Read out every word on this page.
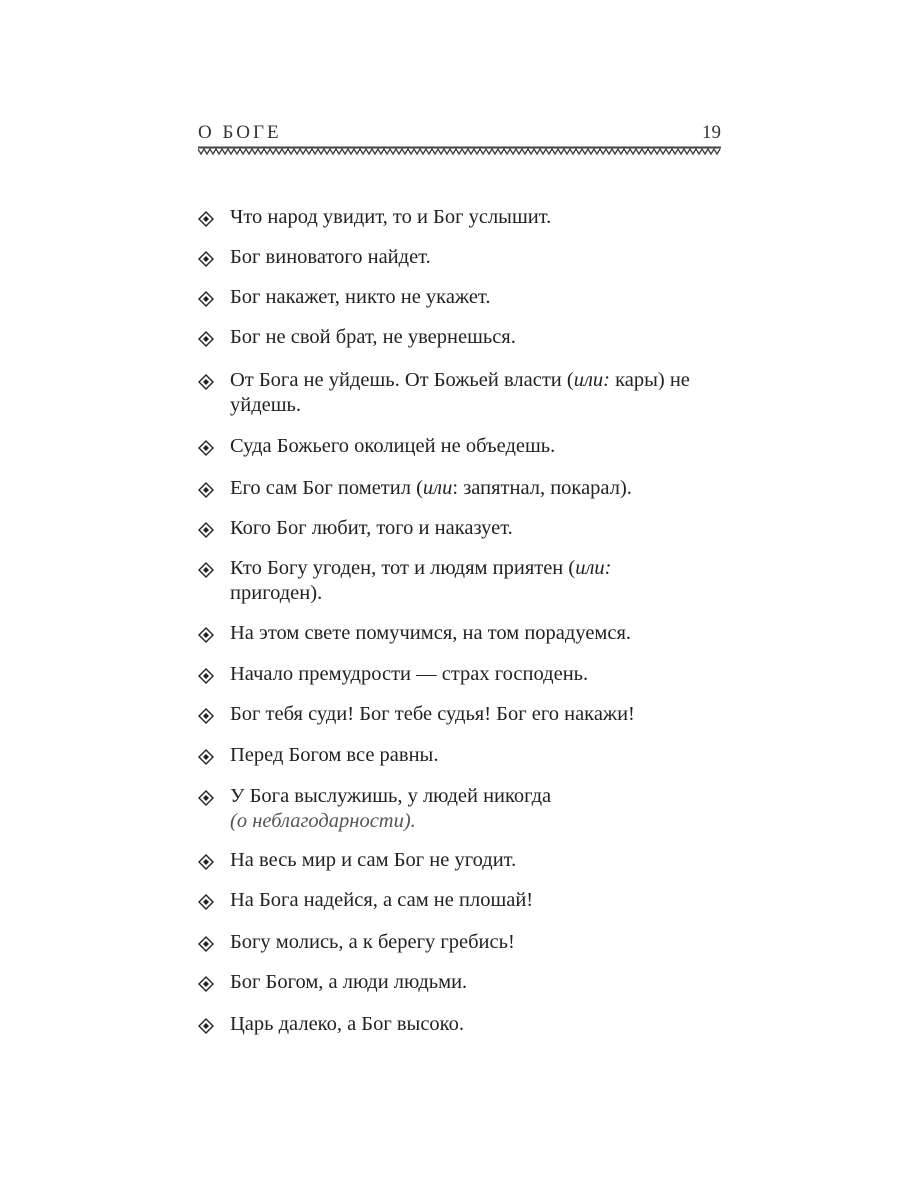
О БОГЕ	19
Что народ увидит, то и Бог услышит.
Бог виноватого найдет.
Бог накажет, никто не укажет.
Бог не свой брат, не увернешься.
От Бога не уйдешь. От Божьей власти (или: кары) не уйдешь.
Суда Божьего околицей не объедешь.
Его сам Бог пометил (или: запятнал, покарал).
Кого Бог любит, того и наказует.
Кто Богу угоден, тот и людям приятен (или: пригоден).
На этом свете помучимся, на том порадуемся.
Начало премудрости — страх господень.
Бог тебя суди! Бог тебе судья! Бог его накажи!
Перед Богом все равны.
У Бога выслужишь, у людей никогда
(о неблагодарности).
На весь мир и сам Бог не угодит.
На Бога надейся, а сам не плошай!
Богу молись, а к берегу гребись!
Бог Богом, а люди людьми.
Царь далеко, а Бог высоко.
